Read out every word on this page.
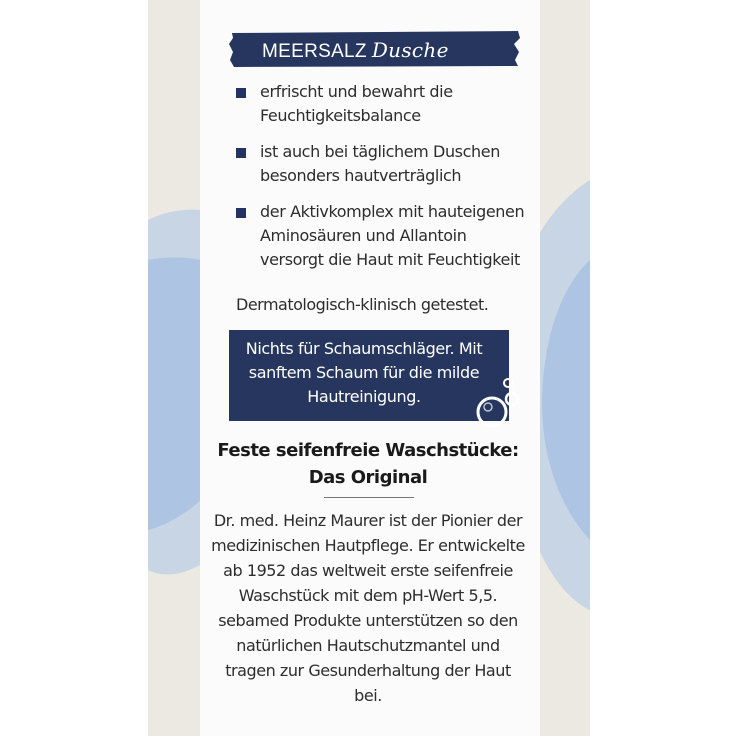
MEERSALZ Dusche
erfrischt und bewahrt die Feuchtigkeitsbalance
ist auch bei täglichem Duschen besonders hautverträglich
der Aktivkomplex mit hauteigenen Aminosäuren und Allantoin versorgt die Haut mit Feuchtigkeit
Dermatologisch-klinisch getestet.
Nichts für Schaumschläger. Mit sanftem Schaum für die milde Hautreinigung.
Feste seifenfreie Waschstücke: Das Original
Dr. med. Heinz Maurer ist der Pionier der medizinischen Hautpflege. Er entwickelte ab 1952 das weltweit erste seifenfreie Waschstück mit dem pH-Wert 5,5. sebamed Produkte unterstützen so den natürlichen Hautschutzmantel und tragen zur Gesunderhaltung der Haut bei.
